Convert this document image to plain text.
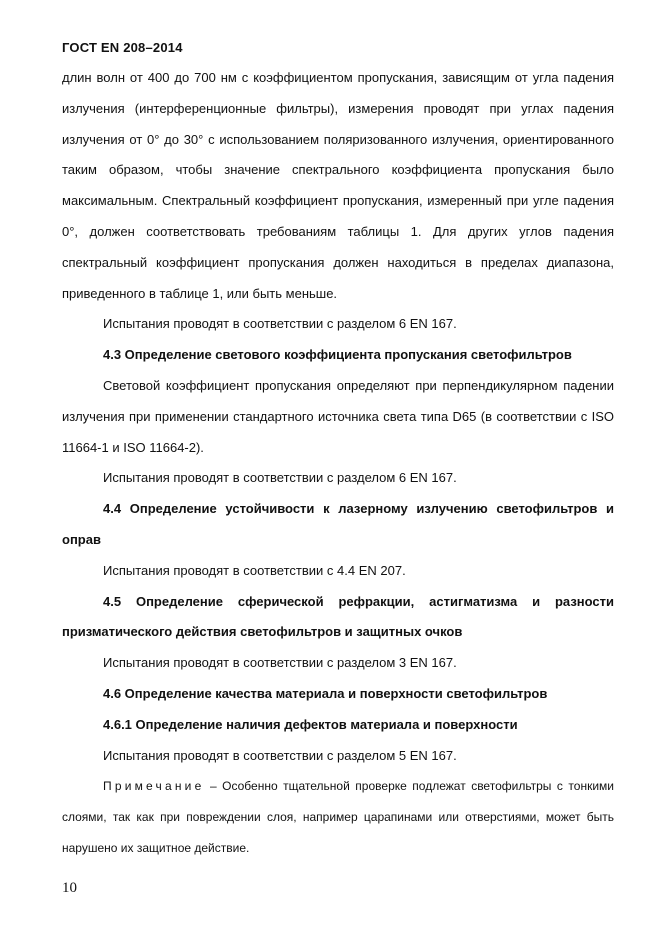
ГОСТ EN 208–2014

длин волн от 400 до 700 нм с коэффициентом пропускания, зависящим от угла падения излучения (интерференционные фильтры), измерения проводят при углах падения излучения от 0° до 30° с использованием поляризованного излучения, ориентированного таким образом, чтобы значение спектрального коэффициента пропускания было максимальным. Спектральный коэффициент пропускания, измеренный при угле падения 0°, должен соответствовать требованиям таблицы 1. Для других углов падения спектральный коэффициент пропускания должен находиться в пределах диапазона, приведенного в таблице 1, или быть меньше.

Испытания проводят в соответствии с разделом 6 EN 167.

4.3 Определение светового коэффициента пропускания светофильтров

Световой коэффициент пропускания определяют при перпендикулярном падении излучения при применении стандартного источника света типа D65 (в соответствии с ISO 11664-1 и ISO 11664-2).

Испытания проводят в соответствии с разделом 6 EN 167.

4.4 Определение устойчивости к лазерному излучению светофильтров и оправ

Испытания проводят в соответствии с 4.4 EN 207.

4.5 Определение сферической рефракции, астигматизма и разности призматического действия светофильтров и защитных очков

Испытания проводят в соответствии с разделом 3 EN 167.

4.6 Определение качества материала и поверхности светофильтров

4.6.1 Определение наличия дефектов материала и поверхности

Испытания проводят в соответствии с разделом 5 EN 167.

Примечание – Особенно тщательной проверке подлежат светофильтры с тонкими слоями, так как при повреждении слоя, например царапинами или отверстиями, может быть нарушено их защитное действие.

10
